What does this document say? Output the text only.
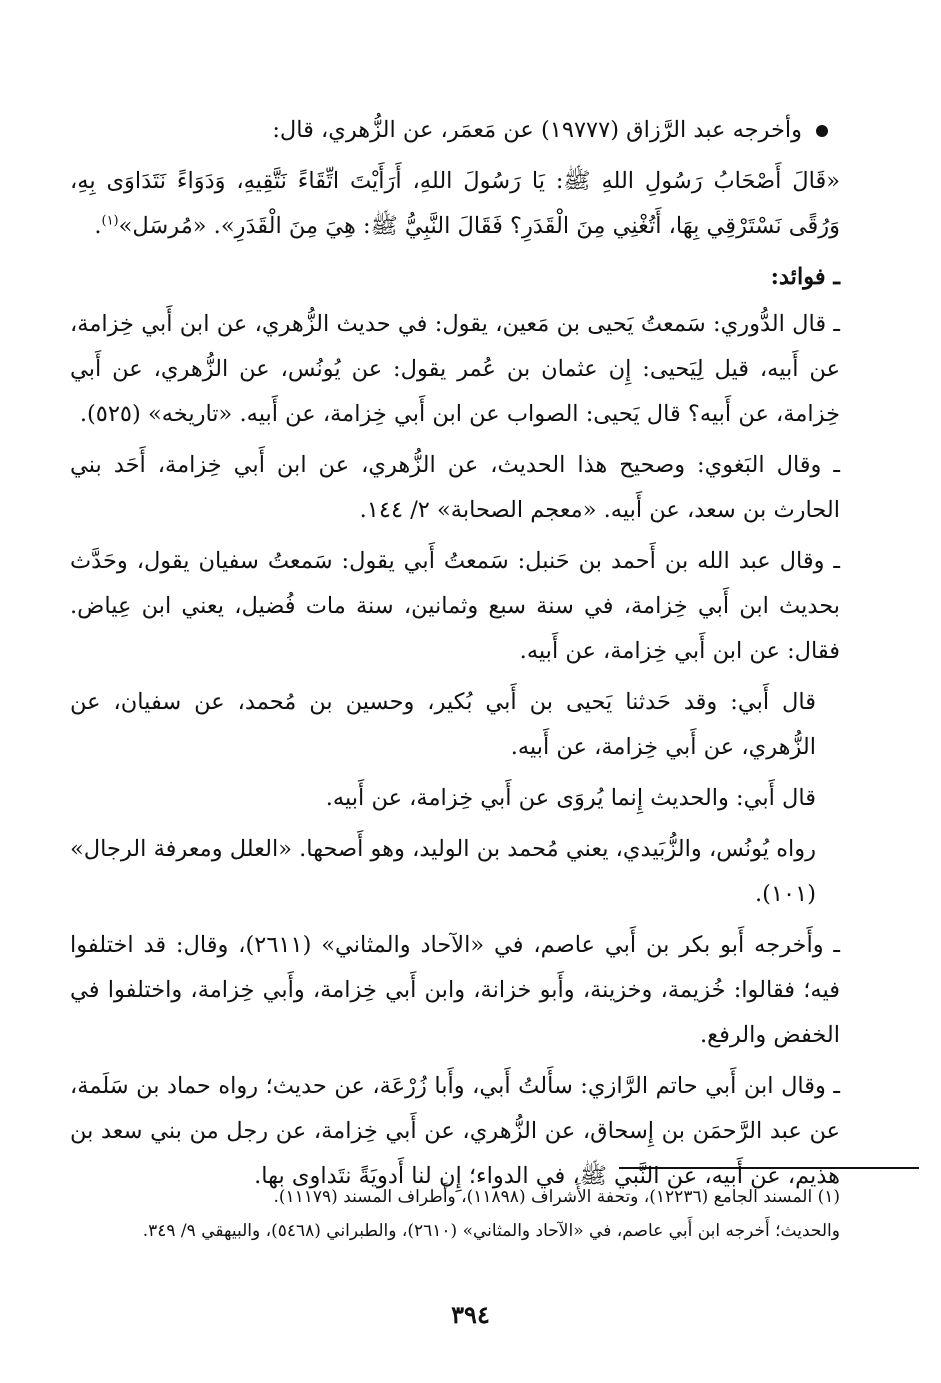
وأخرجه عبد الرَّزاق (١٩٧٧٧) عن مَعمَر، عن الزُّهري، قال:

«قَالَ أَصْحَابُ رَسُولِ اللهِ ﷺ: يَا رَسُولَ اللهِ، أَرَأَيْتَ اتِّقَاءً نَتَّقِيهِ، وَدَوَاءً نَتَدَاوَى بِهِ، وَرُقًى نَسْتَرْقِي بِهَا، أَتُغْنِي مِنَ الْقَدَرِ؟ فَقَالَ النَّبِيُّ ﷺ: هِيَ مِنَ الْقَدَرِ». «مُرسَل»$^{(١)}$.

ـ فوائد:

ـ قال الدُّوري: سَمعتُ يَحيى بن مَعين، يقول: في حديث الزُّهري، عن ابن أَبي خِزامة، عن أَبيه، قيل لِيَحيى: إِن عثمان بن عُمر يقول: عن يُونُس، عن الزُّهري، عن أَبي خِزامة، عن أَبيه؟ قال يَحيى: الصواب عن ابن أَبي خِزامة، عن أَبيه. «تاريخه» (٥٢٥).

ـ وقال البَغوي: وصحيح هذا الحديث، عن الزُّهري، عن ابن أَبي خِزامة، أَحَد بني الحارث بن سعد، عن أَبيه. «معجم الصحابة» ٢/ ١٤٤.

ـ وقال عبد الله بن أَحمد بن حَنبل: سَمعتُ أَبي يقول: سَمعتُ سفيان يقول، وحَدَّث بحديث ابن أَبي خِزامة، في سنة سبع وثمانين، سنة مات فُضيل، يعني ابن عِياض. فقال: عن ابن أَبي خِزامة، عن أَبيه.

قال أَبي: وقد حَدثنا يَحيى بن أَبي بُكير، وحسين بن مُحمد، عن سفيان، عن الزُّهري، عن أَبي خِزامة، عن أَبيه.

قال أَبي: والحديث إِنما يُروَى عن أَبي خِزامة، عن أَبيه.

رواه يُونُس، والزُّبَيدي، يعني مُحمد بن الوليد، وهو أَصحها. «العلل ومعرفة الرجال» (١٠١).

ـ وأَخرجه أَبو بكر بن أَبي عاصم، في «الآحاد والمثاني» (٢٦١١)، وقال: قد اختلفوا فيه؛ فقالوا: خُزيمة، وخزينة، وأَبو خزانة، وابن أَبي خِزامة، وأَبي خِزامة، واختلفوا في الخفض والرفع.

ـ وقال ابن أَبي حاتم الرَّازي: سأَلتُ أَبي، وأَبا زُرْعَة، عن حديث؛ رواه حماد بن سَلَمة، عن عبد الرَّحمَن بن إِسحاق، عن الزُّهري، عن أَبي خِزامة، عن رجل من بني سعد بن هذيم، عن أَبيه، عن النَّبي ﷺ، في الدواء؛ إِن لنا أَدويَةً نتَداوى بها.

(١) المسند الجامع (١٢٢٣٦)، وتحفة الأَشراف (١١٨٩٨)، وأَطراف المسند (١١١٧٩).

والحديث؛ أَخرجه ابن أَبي عاصم، في «الآحاد والمثاني» (٢٦١٠)، والطبراني (٥٤٦٨)، والبيهقي ٩/ ٣٤٩.

٣٩٤
